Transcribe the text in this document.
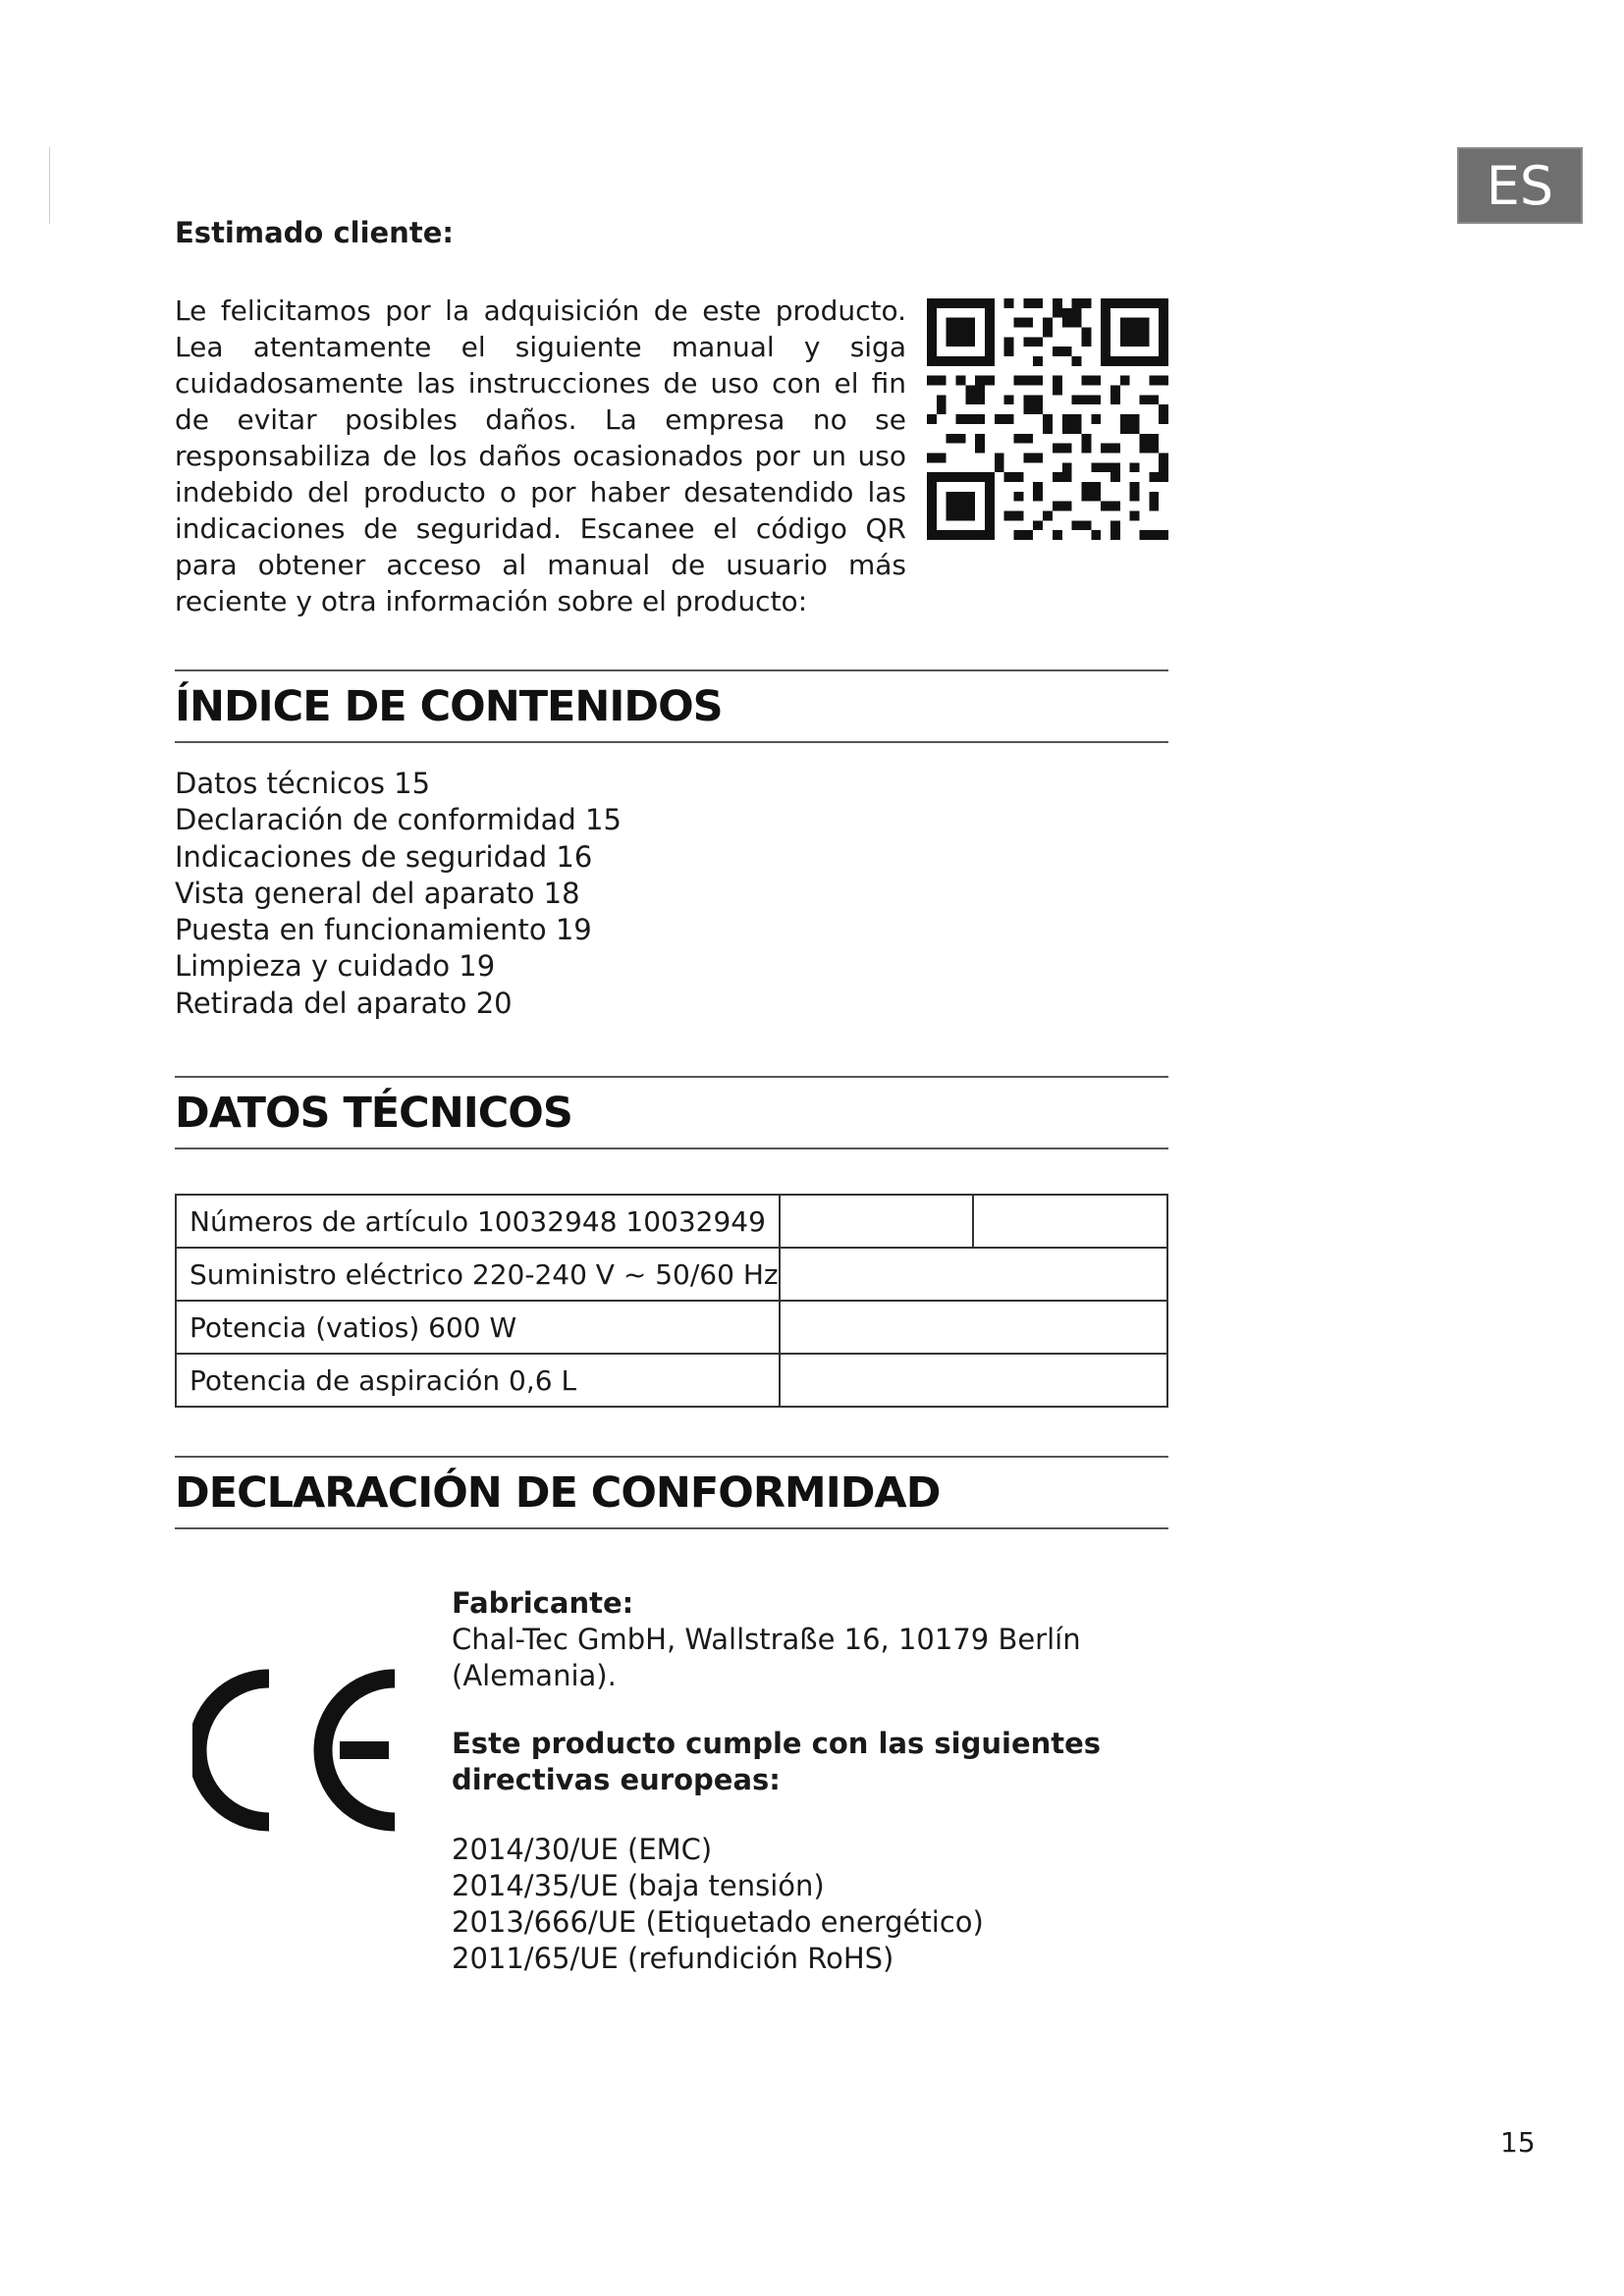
ES
Estimado cliente:

Le felicitamos por la adquisición de este producto. Lea atentamente el siguiente manual y siga cuidadosamente las instrucciones de uso con el fin de evitar posibles daños. La empresa no se responsabiliza de los daños ocasionados por un uso indebido del producto o por haber desatendido las indicaciones de seguridad. Escanee el código QR para obtener acceso al manual de usuario más reciente y otra información sobre el producto:

ÍNDICE DE CONTENIDOS
Datos técnicos 15
Declaración de conformidad 15
Indicaciones de seguridad 16
Vista general del aparato 18
Puesta en funcionamiento 19
Limpieza y cuidado 19
Retirada del aparato 20
DATOS TÉCNICOS
Números de artículo 10032948 10032949		
Suministro eléctrico 220-240 V ~ 50/60 Hz		
Potencia (vatios) 600 W		
Potencia de aspiración 0,6 L		
DECLARACIÓN DE CONFORMIDAD
Fabricante:

Chal-Tec GmbH, Wallstraße 16, 10179 Berlín (Alemania).

Este producto cumple con las siguientes directivas europeas:
2014/30/UE (EMC)
2014/35/UE (baja tensión)
2013/666/UE (Etiquetado energético)
2011/65/UE (refundición RoHS)
15
